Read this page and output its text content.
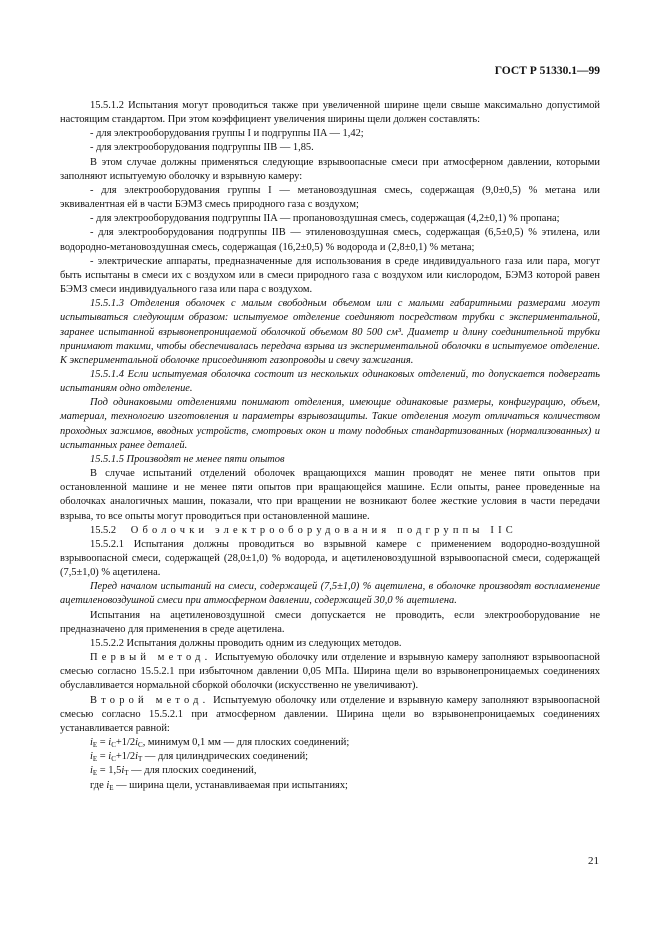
ГОСТ Р 51330.1—99

15.5.1.2 Испытания могут проводиться также при увеличенной ширине щели свыше максимально допустимой настоящим стандартом. При этом коэффициент увеличения ширины щели должен составлять:

- для электрооборудования группы I и подгруппы IIA — 1,42;

- для электрооборудования подгруппы IIB — 1,85.

В этом случае должны применяться следующие взрывоопасные смеси при атмосферном давлении, которыми заполняют испытуемую оболочку и взрывную камеру:

- для электрооборудования группы I — метановоздушная смесь, содержащая (9,0±0,5) % метана или эквивалентная ей в части БЭМЗ смесь природного газа с воздухом;

- для электрооборудования подгруппы IIA — пропановоздушная смесь, содержащая (4,2±0,1) % пропана;

- для электрооборудования подгруппы IIB — этиленовоздушная смесь, содержащая (6,5±0,5) % этилена, или водородно-метановоздушная смесь, содержащая (16,2±0,5) % водорода и (2,8±0,1) % метана;

- электрические аппараты, предназначенные для использования в среде индивидуального газа или пара, могут быть испытаны в смеси их с воздухом или в смеси природного газа с воздухом или кислородом, БЭМЗ которой равен БЭМЗ смеси индивидуального газа или пара с воздухом.

15.5.1.3 Отделения оболочек с малым свободным объемом или с малыми габаритными размерами могут испытываться следующим образом: испытуемое отделение соединяют посредством трубки с экспериментальной, заранее испытанной взрывонепроницаемой оболочкой объемом 80 500 см³. Диаметр и длину соединительной трубки принимают такими, чтобы обеспечивалась передача взрыва из экспериментальной оболочки в испытуемое отделение. К экспериментальной оболочке присоединяют газопроводы и свечу зажигания.

15.5.1.4 Если испытуемая оболочка состоит из нескольких одинаковых отделений, то допускается подвергать испытаниям одно отделение.

Под одинаковыми отделениями понимают отделения, имеющие одинаковые размеры, конфигурацию, объем, материал, технологию изготовления и параметры взрывозащиты. Такие отделения могут отличаться количеством проходных зажимов, вводных устройств, смотровых окон и тому подобных стандартизованных (нормализованных) и испытанных ранее деталей.

15.5.1.5 Производят не менее пяти опытов

В случае испытаний отделений оболочек вращающихся машин проводят не менее пяти опытов при остановленной машине и не менее пяти опытов при вращающейся машине. Если опыты, ранее проведенные на оболочках аналогичных машин, показали, что при вращении не возникают более жесткие условия в части передачи взрыва, то все опыты могут проводиться при остановленной машине.

15.5.2 Оболочки электрооборудования подгруппы IIC

15.5.2.1 Испытания должны проводиться во взрывной камере с применением водородно-воздушной взрывоопасной смеси, содержащей (28,0±1,0) % водорода, и ацетиленовоздушной взрывоопасной смеси, содержащей (7,5±1,0) % ацетилена.

Перед началом испытаний на смеси, содержащей (7,5±1,0) % ацетилена, в оболочке производят воспламенение ацетиленовоздушной смеси при атмосферном давлении, содержащей 30,0 % ацетилена.

Испытания на ацетиленовоздушной смеси допускается не проводить, если электрооборудование не предназначено для применения в среде ацетилена.

15.5.2.2 Испытания должны проводить одним из следующих методов.

Первый метод. Испытуемую оболочку или отделение и взрывную камеру заполняют взрывоопасной смесью согласно 15.5.2.1 при избыточном давлении 0,05 МПа. Ширина щели во взрывонепроницаемых соединениях обуславливается нормальной сборкой оболочки (искусственно не увеличивают).

Второй метод. Испытуемую оболочку или отделение и взрывную камеру заполняют взрывоопасной смесью согласно 15.5.2.1 при атмосферном давлении. Ширина щели во взрывонепроницаемых соединениях устанавливается равной:

$i_E = i_C+1/2i_C$, минимум 0,1 мм — для плоских соединений;

$i_E = i_C+1/2i_T$ — для цилиндрических соединений;

$i_E = 1,5i_T$ — для плоских соединений,

где $i_E$ — ширина щели, устанавливаемая при испытаниях;

21
